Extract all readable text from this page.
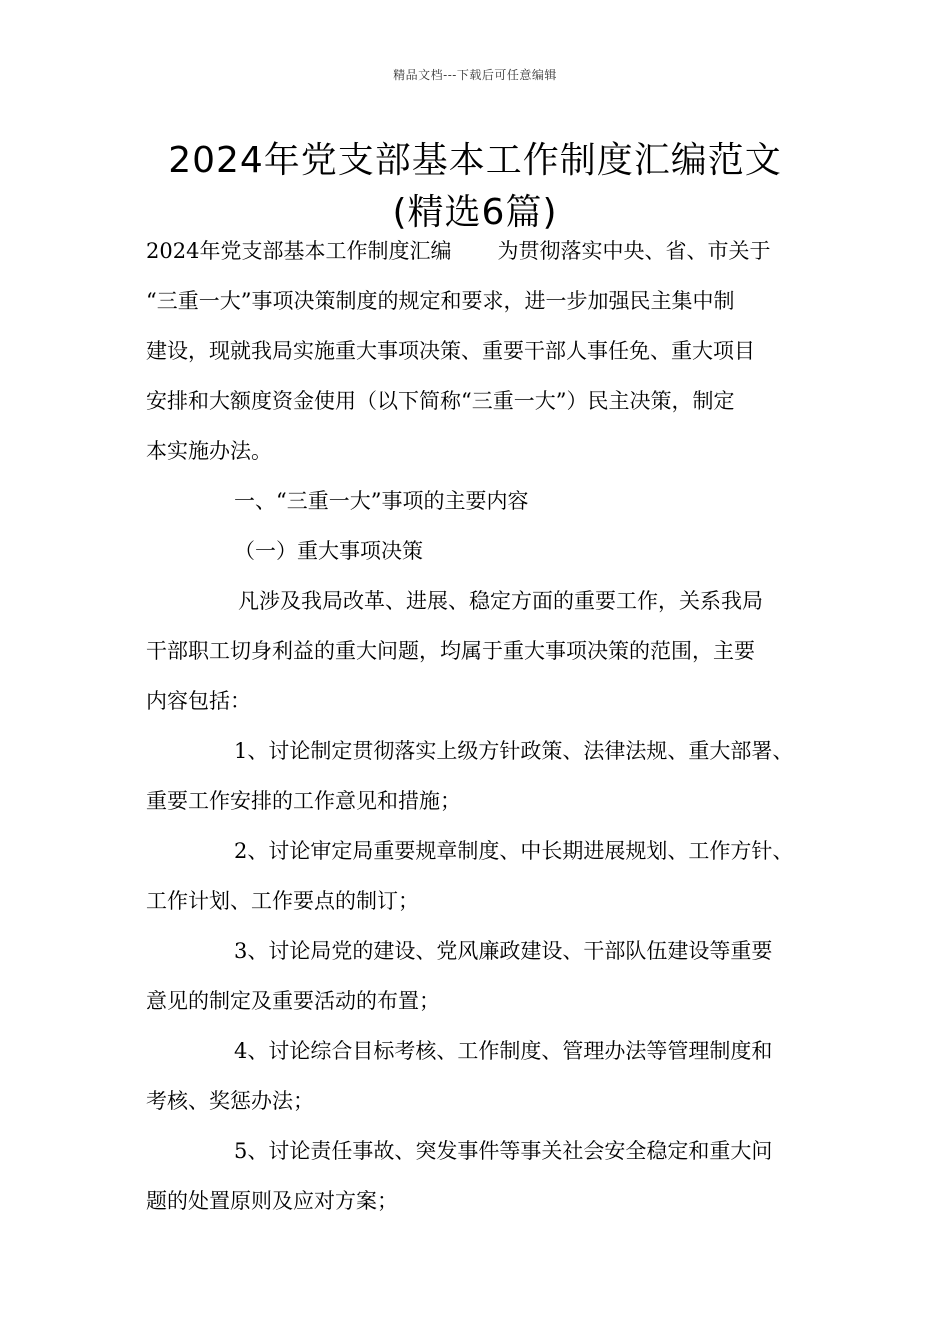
精品文档---下载后可任意编辑
2024年党支部基本工作制度汇编范文
(精选6篇)
2024年党支部基本工作制度汇编 为贯彻落实中央、省、市关于
“三重一大”事项决策制度的规定和要求，进一步加强民主集中制
建设，现就我局实施重大事项决策、重要干部人事任免、重大项目
安排和大额度资金使用（以下简称“三重一大”）民主决策，制定
本实施办法。
一、“三重一大”事项的主要内容
（一）重大事项决策
凡涉及我局改革、进展、稳定方面的重要工作，关系我局
干部职工切身利益的重大问题，均属于重大事项决策的范围，主要
内容包括：
1、讨论制定贯彻落实上级方针政策、法律法规、重大部署、
重要工作安排的工作意见和措施；
2、讨论审定局重要规章制度、中长期进展规划、工作方针、
工作计划、工作要点的制订；
3、讨论局党的建设、党风廉政建设、干部队伍建设等重要
意见的制定及重要活动的布置；
4、讨论综合目标考核、工作制度、管理办法等管理制度和
考核、奖惩办法；
5、讨论责任事故、突发事件等事关社会安全稳定和重大问
题的处置原则及应对方案；
